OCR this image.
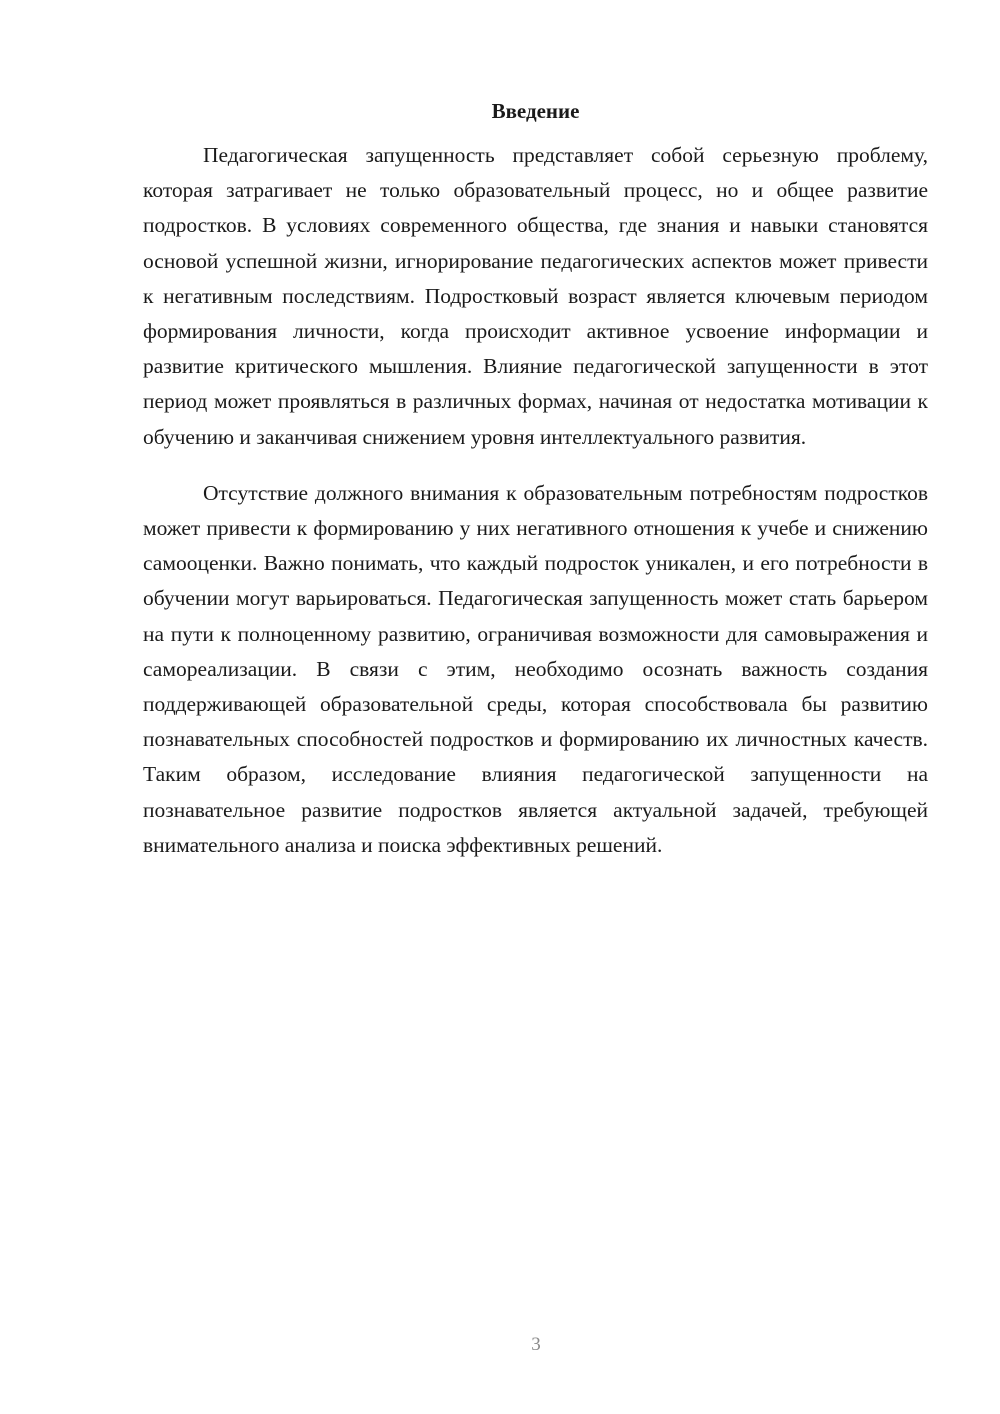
Введение

Педагогическая запущенность представляет собой серьезную проблему, которая затрагивает не только образовательный процесс, но и общее развитие подростков. В условиях современного общества, где знания и навыки становятся основой успешной жизни, игнорирование педагогических аспектов может привести к негативным последствиям. Подростковый возраст является ключевым периодом формирования личности, когда происходит активное усвоение информации и развитие критического мышления. Влияние педагогической запущенности в этот период может проявляться в различных формах, начиная от недостатка мотивации к обучению и заканчивая снижением уровня интеллектуального развития.

Отсутствие должного внимания к образовательным потребностям подростков может привести к формированию у них негативного отношения к учебе и снижению самооценки. Важно понимать, что каждый подросток уникален, и его потребности в обучении могут варьироваться. Педагогическая запущенность может стать барьером на пути к полноценному развитию, ограничивая возможности для самовыражения и самореализации. В связи с этим, необходимо осознать важность создания поддерживающей образовательной среды, которая способствовала бы развитию познавательных способностей подростков и формированию их личностных качеств. Таким образом, исследование влияния педагогической запущенности на познавательное развитие подростков является актуальной задачей, требующей внимательного анализа и поиска эффективных решений.

3
